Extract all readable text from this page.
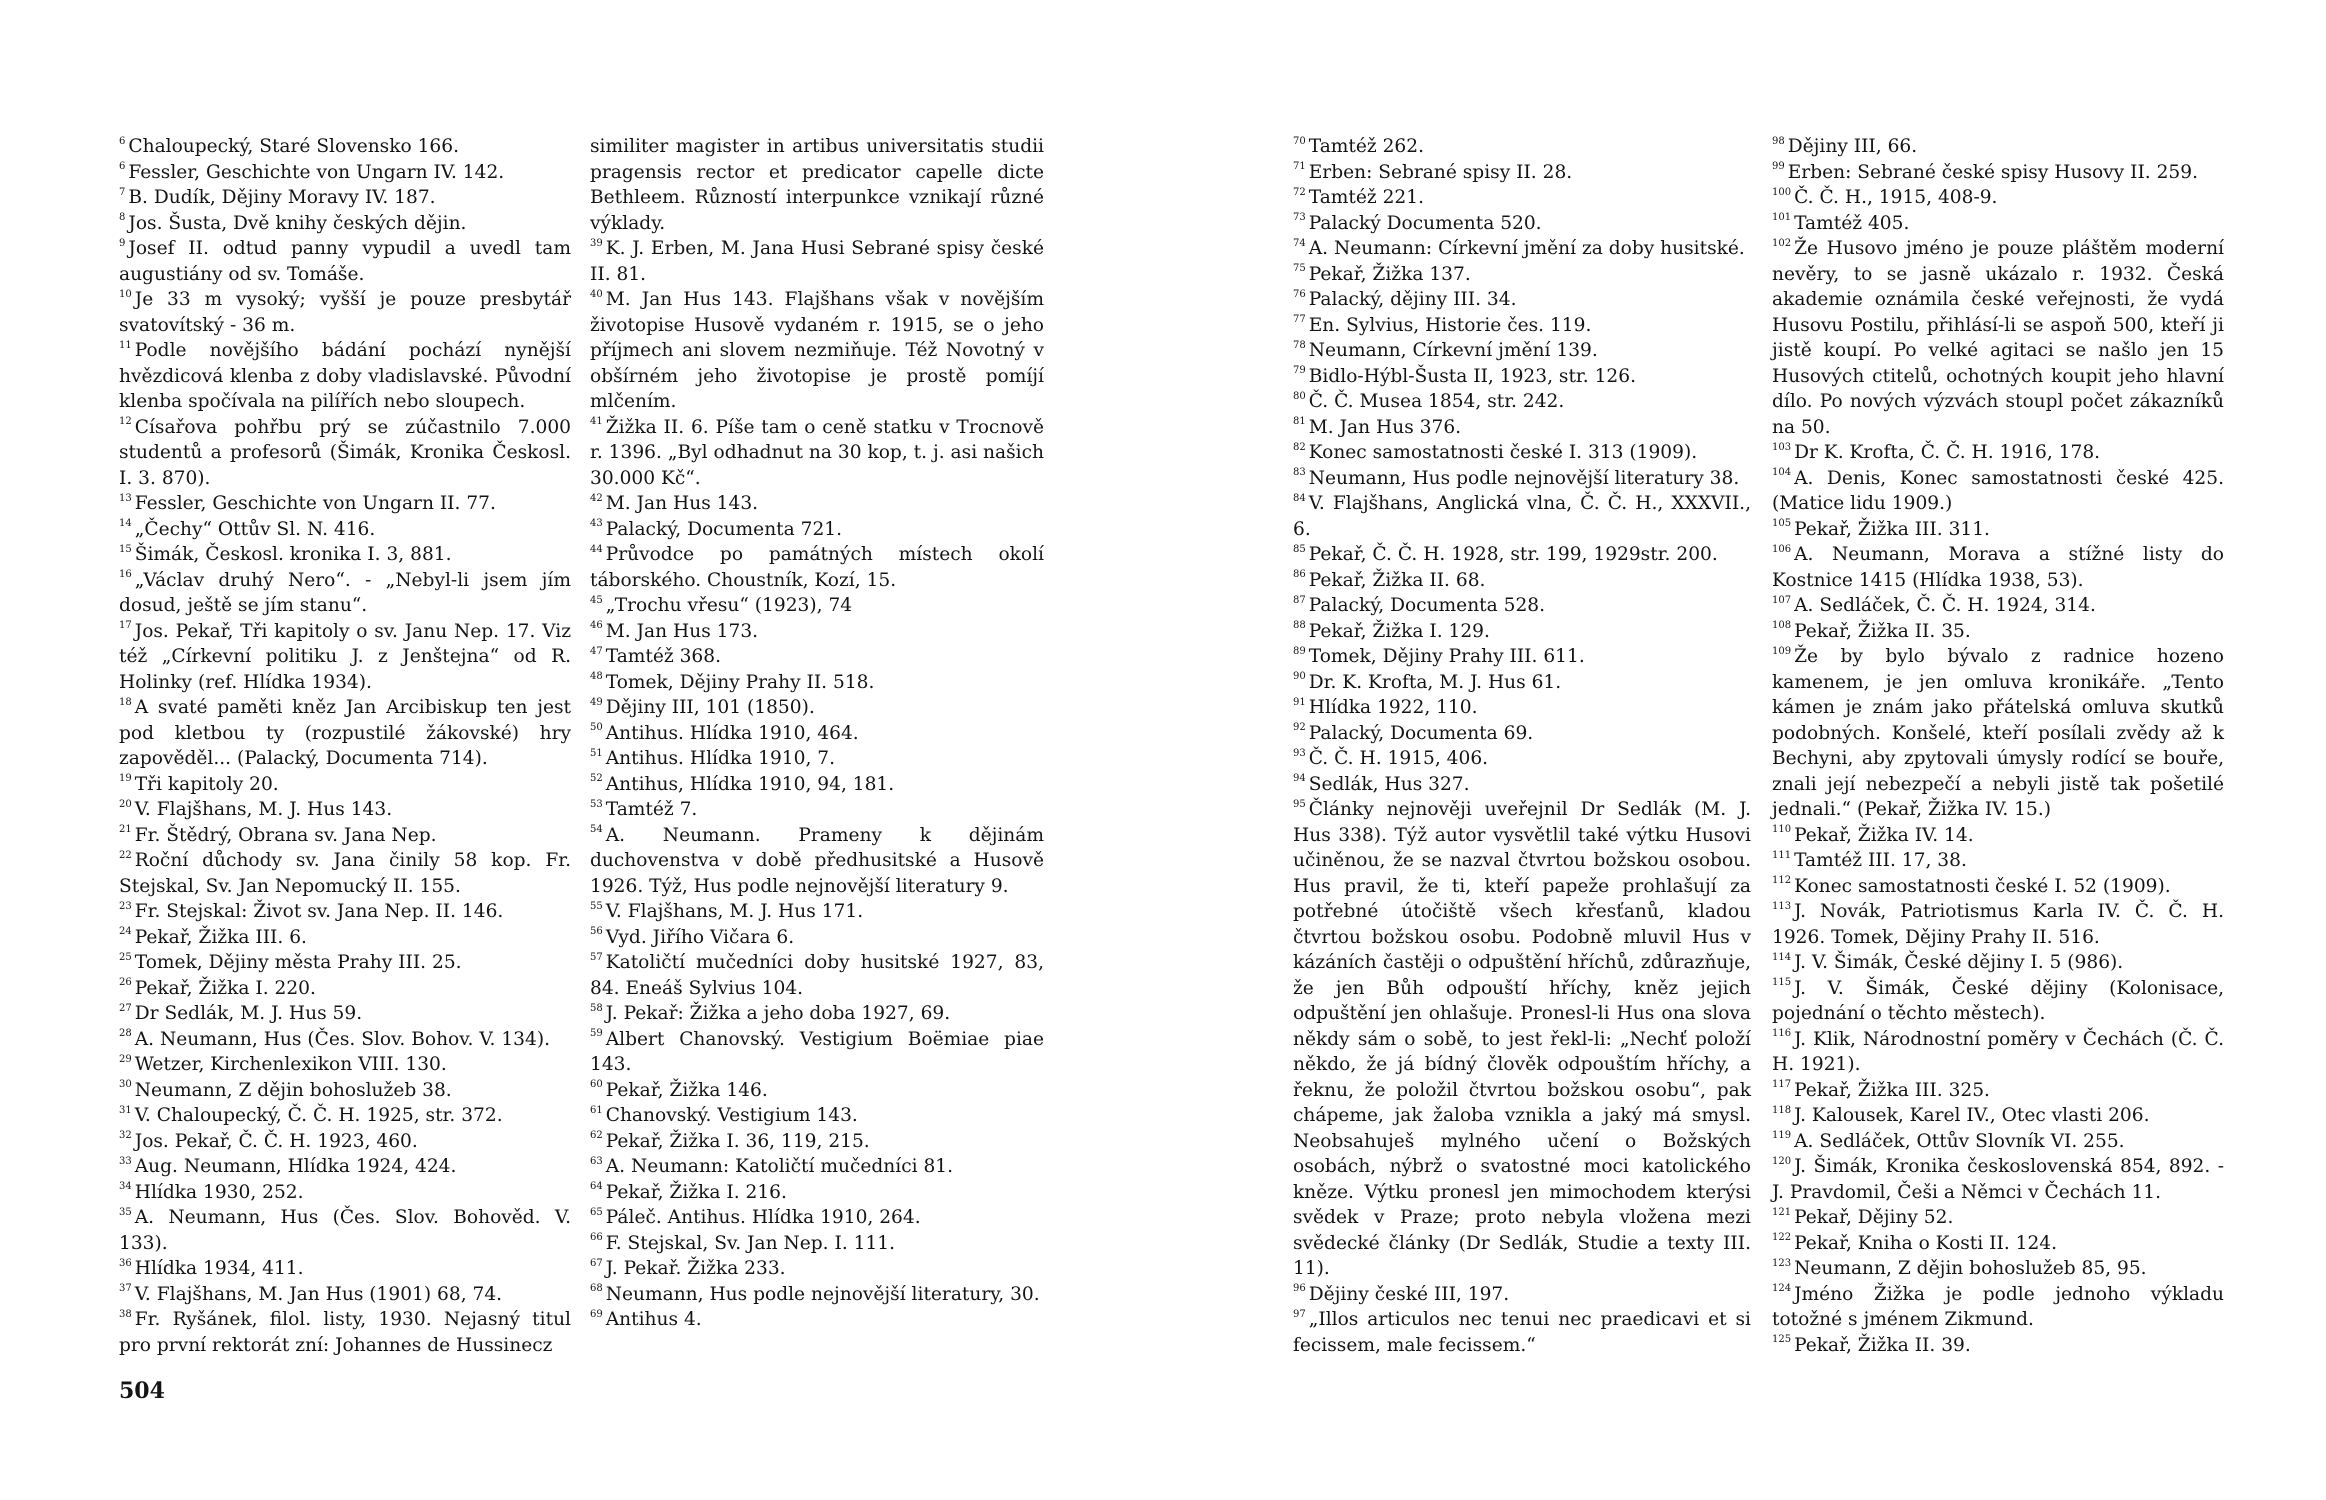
$^6$ Chaloupecký, Staré Slovensko 166.

$^6$ Fessler, Geschichte von Ungarn IV. 142.

$^7$ B. Dudík, Dějiny Moravy IV. 187.

$^8$ Jos. Šusta, Dvě knihy českých dějin.

$^9$ Josef II. odtud panny vypudil a uvedl tam augustiány od sv. Tomáše.

$^{10}$ Je 33 m vysoký; vyšší je pouze presbytář svatovítský - 36 m.

$^{11}$ Podle novějšího bádání pochází nynější hvězdicová klenba z doby vladislavské. Původní klenba spočívala na pilířích nebo sloupech.

$^{12}$ Císařova pohřbu prý se zúčastnilo 7.000 studentů a profesorů (Šimák, Kronika Českosl. I. 3. 870).

$^{13}$ Fessler, Geschichte von Ungarn II. 77.

$^{14}$ „Čechy“ Ottův Sl. N. 416.

$^{15}$ Šimák, Českosl. kronika I. 3, 881.

$^{16}$ „Václav druhý Nero“. - „Nebyl-li jsem jím dosud, ještě se jím stanu“.

$^{17}$ Jos. Pekař, Tři kapitoly o sv. Janu Nep. 17. Viz též „Církevní politiku J. z Jenštejna“ od R. Holinky (ref. Hlídka 1934).

$^{18}$ A svaté paměti kněz Jan Arcibiskup ten jest pod kletbou ty (rozpustilé žákovské) hry zapověděl... (Palacký, Documenta 714).

$^{19}$ Tři kapitoly 20.

$^{20}$ V. Flajšhans, M. J. Hus 143.

$^{21}$ Fr. Štědrý, Obrana sv. Jana Nep.

$^{22}$ Roční důchody sv. Jana činily 58 kop. Fr. Stejskal, Sv. Jan Nepomucký II. 155.

$^{23}$ Fr. Stejskal: Život sv. Jana Nep. II. 146.

$^{24}$ Pekař, Žižka III. 6.

$^{25}$ Tomek, Dějiny města Prahy III. 25.

$^{26}$ Pekař, Žižka I. 220.

$^{27}$ Dr Sedlák, M. J. Hus 59.

$^{28}$ A. Neumann, Hus (Čes. Slov. Bohov. V. 134).

$^{29}$ Wetzer, Kirchenlexikon VIII. 130.

$^{30}$ Neumann, Z dějin bohoslužeb 38.

$^{31}$ V. Chaloupecký, Č. Č. H. 1925, str. 372.

$^{32}$ Jos. Pekař, Č. Č. H. 1923, 460.

$^{33}$ Aug. Neumann, Hlídka 1924, 424.

$^{34}$ Hlídka 1930, 252.

$^{35}$ A. Neumann, Hus (Čes. Slov. Bohověd. V. 133).

$^{36}$ Hlídka 1934, 411.

$^{37}$ V. Flajšhans, M. Jan Hus (1901) 68, 74.

$^{38}$ Fr. Ryšánek, filol. listy, 1930. Nejasný titul pro první rektorát zní: Johannes de Hussinecz

similiter magister in artibus universitatis studii pragensis rector et predicator capelle dicte Bethleem. Růzností interpunkce vznikají různé výklady.

$^{39}$ K. J. Erben, M. Jana Husi Sebrané spisy české II. 81.

$^{40}$ M. Jan Hus 143. Flajšhans však v novějším životopise Husově vydaném r. 1915, se o jeho příjmech ani slovem nezmiňuje. Též Novotný v obšírném jeho životopise je prostě pomíjí mlčením.

$^{41}$ Žižka II. 6. Píše tam o ceně statku v Trocnově r. 1396. „Byl odhadnut na 30 kop, t. j. asi našich 30.000 Kč“.

$^{42}$ M. Jan Hus 143.

$^{43}$ Palacký, Documenta 721.

$^{44}$ Průvodce po památných místech okolí táborského. Choustník, Kozí, 15.

$^{45}$ „Trochu vřesu“ (1923), 74

$^{46}$ M. Jan Hus 173.

$^{47}$ Tamtéž 368.

$^{48}$ Tomek, Dějiny Prahy II. 518.

$^{49}$ Dějiny III, 101 (1850).

$^{50}$ Antihus. Hlídka 1910, 464.

$^{51}$ Antihus. Hlídka 1910, 7.

$^{52}$ Antihus, Hlídka 1910, 94, 181.

$^{53}$ Tamtéž 7.

$^{54}$ A. Neumann. Prameny k dějinám duchovenstva v době předhusitské a Husově 1926. Týž, Hus podle nejnovější literatury 9.

$^{55}$ V. Flajšhans, M. J. Hus 171.

$^{56}$ Vyd. Jiřího Vičara 6.

$^{57}$ Katoličtí mučedníci doby husitské 1927, 83, 84. Eneáš Sylvius 104.

$^{58}$ J. Pekař: Žižka a jeho doba 1927, 69.

$^{59}$ Albert Chanovský. Vestigium Boëmiae piae 143.

$^{60}$ Pekař, Žižka 146.

$^{61}$ Chanovský. Vestigium 143.

$^{62}$ Pekař, Žižka I. 36, 119, 215.

$^{63}$ A. Neumann: Katoličtí mučedníci 81.

$^{64}$ Pekař, Žižka I. 216.

$^{65}$ Páleč. Antihus. Hlídka 1910, 264.

$^{66}$ F. Stejskal, Sv. Jan Nep. I. 111.

$^{67}$ J. Pekař. Žižka 233.

$^{68}$ Neumann, Hus podle nejnovější literatury, 30.

$^{69}$ Antihus 4.

$^{70}$ Tamtéž 262.

$^{71}$ Erben: Sebrané spisy II. 28.

$^{72}$ Tamtéž 221.

$^{73}$ Palacký Documenta 520.

$^{74}$ A. Neumann: Církevní jmění za doby husitské.

$^{75}$ Pekař, Žižka 137.

$^{76}$ Palacký, dějiny III. 34.

$^{77}$ En. Sylvius, Historie čes. 119.

$^{78}$ Neumann, Církevní jmění 139.

$^{79}$ Bidlo-Hýbl-Šusta II, 1923, str. 126.

$^{80}$ Č. Č. Musea 1854, str. 242.

$^{81}$ M. Jan Hus 376.

$^{82}$ Konec samostatnosti české I. 313 (1909).

$^{83}$ Neumann, Hus podle nejnovější literatury 38.

$^{84}$ V. Flajšhans, Anglická vlna, Č. Č. H., XXXVII., 6.

$^{85}$ Pekař, Č. Č. H. 1928, str. 199, 1929str. 200.

$^{86}$ Pekař, Žižka II. 68.

$^{87}$ Palacký, Documenta 528.

$^{88}$ Pekař, Žižka I. 129.

$^{89}$ Tomek, Dějiny Prahy III. 611.

$^{90}$ Dr. K. Krofta, M. J. Hus 61.

$^{91}$ Hlídka 1922, 110.

$^{92}$ Palacký, Documenta 69.

$^{93}$ Č. Č. H. 1915, 406.

$^{94}$ Sedlák, Hus 327.

$^{95}$ Články nejnověji uveřejnil Dr Sedlák (M. J. Hus 338). Týž autor vysvětlil také výtku Husovi učiněnou, že se nazval čtvrtou božskou osobou. Hus pravil, že ti, kteří papeže prohlašují za potřebné útočiště všech křesťanů, kladou čtvrtou božskou osobu. Podobně mluvil Hus v kázáních častěji o odpuštění hříchů, zdůrazňuje, že jen Bůh odpouští hříchy, kněz jejich odpuštění jen ohlašuje. Pronesl-li Hus ona slova někdy sám o sobě, to jest řekl-li: „Nechť položí někdo, že já bídný člověk odpouštím hříchy, a řeknu, že položil čtvrtou božskou osobu“, pak chápeme, jak žaloba vznikla a jaký má smysl. Neobsahuješ mylného učení o Božských osobách, nýbrž o svatostné moci katolického kněze. Výtku pronesl jen mimochodem kterýsi svědek v Praze; proto nebyla vložena mezi svědecké články (Dr Sedlák, Studie a texty III. 11).

$^{96}$ Dějiny české III, 197.

$^{97}$ „Illos articulos nec tenui nec praedicavi et si fecissem, male fecissem.“

$^{98}$ Dějiny III, 66.

$^{99}$ Erben: Sebrané české spisy Husovy II. 259.

$^{100}$ Č. Č. H., 1915, 408-9.

$^{101}$ Tamtéž 405.

$^{102}$ Že Husovo jméno je pouze pláštěm moderní nevěry, to se jasně ukázalo r. 1932. Česká akademie oznámila české veřejnosti, že vydá Husovu Postilu, přihlásí-li se aspoň 500, kteří ji jistě koupí. Po velké agitaci se našlo jen 15 Husových ctitelů, ochotných koupit jeho hlavní dílo. Po nových výzvách stoupl počet zákazníků na 50.

$^{103}$ Dr K. Krofta, Č. Č. H. 1916, 178.

$^{104}$ A. Denis, Konec samostatnosti české 425. (Matice lidu 1909.)

$^{105}$ Pekař, Žižka III. 311.

$^{106}$ A. Neumann, Morava a stížné listy do Kostnice 1415 (Hlídka 1938, 53).

$^{107}$ A. Sedláček, Č. Č. H. 1924, 314.

$^{108}$ Pekař, Žižka II. 35.

$^{109}$ Že by bylo bývalo z radnice hozeno kamenem, je jen omluva kronikáře. „Tento kámen je znám jako přátelská omluva skutků podobných. Konšelé, kteří posílali zvědy až k Bechyni, aby zpytovali úmysly rodící se bouře, znali její nebezpečí a nebyli jistě tak pošetilé jednali.“ (Pekař, Žižka IV. 15.)

$^{110}$ Pekař, Žižka IV. 14.

$^{111}$ Tamtéž III. 17, 38.

$^{112}$ Konec samostatnosti české I. 52 (1909).

$^{113}$ J. Novák, Patriotismus Karla IV. Č. Č. H. 1926. Tomek, Dějiny Prahy II. 516.

$^{114}$ J. V. Šimák, České dějiny I. 5 (986).

$^{115}$ J. V. Šimák, České dějiny (Kolonisace, pojednání o těchto městech).

$^{116}$ J. Klik, Národnostní poměry v Čechách (Č. Č. H. 1921).

$^{117}$ Pekař, Žižka III. 325.

$^{118}$ J. Kalousek, Karel IV., Otec vlasti 206.

$^{119}$ A. Sedláček, Ottův Slovník VI. 255.

$^{120}$ J. Šimák, Kronika československá 854, 892. - J. Pravdomil, Češi a Němci v Čechách 11.

$^{121}$ Pekař, Dějiny 52.

$^{122}$ Pekař, Kniha o Kosti II. 124.

$^{123}$ Neumann, Z dějin bohoslužeb 85, 95.

$^{124}$ Jméno Žižka je podle jednoho výkladu totožné s jménem Zikmund.

$^{125}$ Pekař, Žižka II. 39.

504
